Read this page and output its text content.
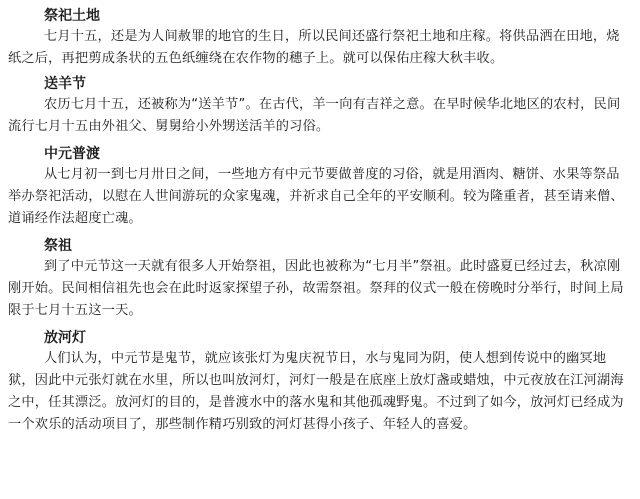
祭祀土地

七月十五，还是为人间赦罪的地官的生日，所以民间还盛行祭祀土地和庄稼。将供品洒在田地，烧纸之后，再把剪成条状的五色纸缠绕在农作物的穗子上。就可以保佑庄稼大秋丰收。

送羊节

农历七月十五，还被称为“送羊节”。在古代，羊一向有吉祥之意。在早时候华北地区的农村，民间流行七月十五由外祖父、舅舅给小外甥送活羊的习俗。

中元普渡

从七月初一到七月卅日之间，一些地方有中元节要做普度的习俗，就是用酒肉、糖饼、水果等祭品举办祭祀活动，以慰在人世间游玩的众家鬼魂，并祈求自己全年的平安顺利。较为隆重者，甚至请来僧、道诵经作法超度亡魂。

祭祖

到了中元节这一天就有很多人开始祭祖，因此也被称为“七月半”祭祖。此时盛夏已经过去，秋凉刚刚开始。民间相信祖先也会在此时返家探望子孙，故需祭祖。祭拜的仪式一般在傍晚时分举行，时间上局限于七月十五这一天。

放河灯

人们认为，中元节是鬼节，就应该张灯为鬼庆祝节日，水与鬼同为阴，使人想到传说中的幽冥地狱，因此中元张灯就在水里，所以也叫放河灯，河灯一般是在底座上放灯盏或蜡烛，中元夜放在江河湖海之中，任其漂泛。放河灯的目的，是普渡水中的落水鬼和其他孤魂野鬼。不过到了如今，放河灯已经成为一个欢乐的活动项目了，那些制作精巧别致的河灯甚得小孩子、年轻人的喜爱。
